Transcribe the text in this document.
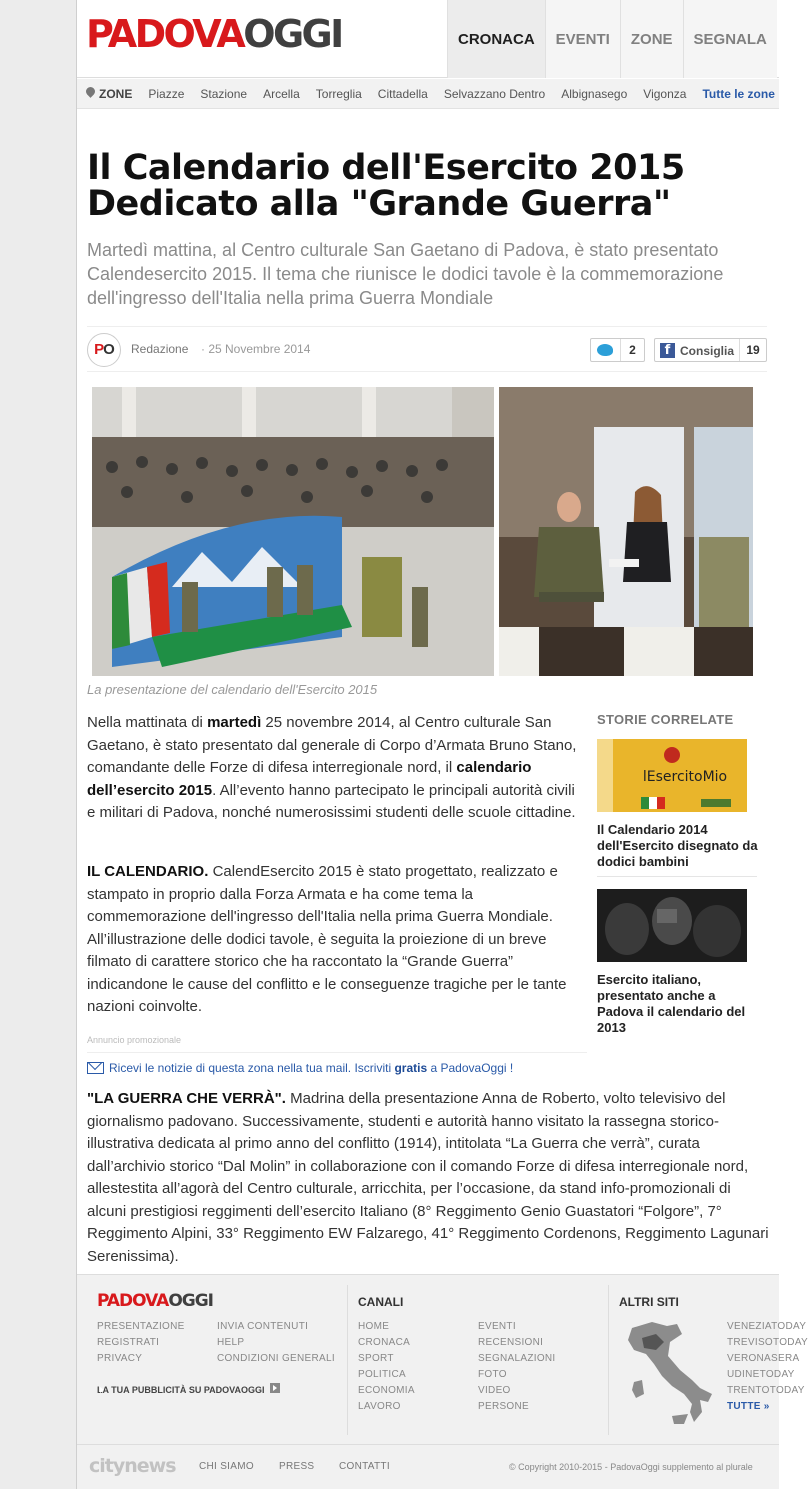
PADOVAOGGI	CRONACA	EVENTI	ZONE	SEGNALA
ZONE Piazze Stazione Arcella Torreglia Cittadella Selvazzano Dentro Albignasego Vigonza Tutte le zone
Il Calendario dell'Esercito 2015
Dedicato alla "Grande Guerra"
Martedì mattina, al Centro culturale San Gaetano di Padova, è stato presentato Calendesercito 2015. Il tema che riunisce le dodici tavole è la commemorazione dell'ingresso dell'Italia nella prima Guerra Mondiale
PO	Redazione · 25 Novembre 2014	2	f Consiglia	19
La presentazione del calendario dell'Esercito 2015
Nella mattinata di martedì 25 novembre 2014, al Centro culturale San Gaetano, è stato presentato dal generale di Corpo d’Armata Bruno Stano, comandante delle Forze di difesa interregionale nord, il calendario dell’esercito 2015. All’evento hanno partecipato le principali autorità civili e militari di Padova, nonché numerosissimi studenti delle scuole cittadine.
IL CALENDARIO. CalendEsercito 2015 è stato progettato, realizzato e stampato in proprio dalla Forza Armata e ha come tema la commemorazione dell'ingresso dell'Italia nella prima Guerra Mondiale. All’illustrazione delle dodici tavole, è seguita la proiezione di un breve filmato di carattere storico che ha raccontato la “Grande Guerra” indicandone le cause del conflitto e le conseguenze tragiche per le tante nazioni coinvolte.
Annuncio promozionale
Ricevi le notizie di questa zona nella tua mail. Iscriviti gratis a PadovaOggi !
"LA GUERRA CHE VERRÀ". Madrina della presentazione Anna de Roberto, volto televisivo del giornalismo padovano. Successivamente, studenti e autorità hanno visitato la rassegna storico-illustrativa dedicata al primo anno del conflitto (1914), intitolata “La Guerra che verrà”, curata dall’archivio storico “Dal Molin” in collaborazione con il comando Forze di difesa interregionale nord, allestestita all’agorà del Centro culturale, arricchita, per l’occasione, da stand info-promozionali di alcuni prestigiosi reggimenti dell’esercito Italiano (8° Reggimento Genio Guastatori “Folgore”, 7° Reggimento Alpini, 33° Reggimento EW Falzarego, 41° Reggimento Cordenons, Reggimento Lagunari Serenissima).
STORIE CORRELATE
lEsercitoMio
Il Calendario 2014 dell'Esercito disegnato da dodici bambini
Esercito italiano, presentato anche a Padova il calendario del 2013
PADOVAOGGI
PRESENTAZIONE
REGISTRATI
PRIVACY
INVIA CONTENUTI
HELP
CONDIZIONI GENERALI
LA TUA PUBBLICITÀ SU PADOVAOGGI
CANALI
HOME
CRONACA
SPORT
POLITICA
ECONOMIA
LAVORO
EVENTI
RECENSIONI
SEGNALAZIONI
FOTO
VIDEO
PERSONE
ALTRI SITI
VENEZIATODAY
TREVISOTODAY
VERONASERA
UDINETODAY
TRENTOTODAY
TUTTE »
citynews CHI SIAMO	PRESS CONTATTI	© Copyright 2010-2015 - PadovaOggi supplemento al plurale
